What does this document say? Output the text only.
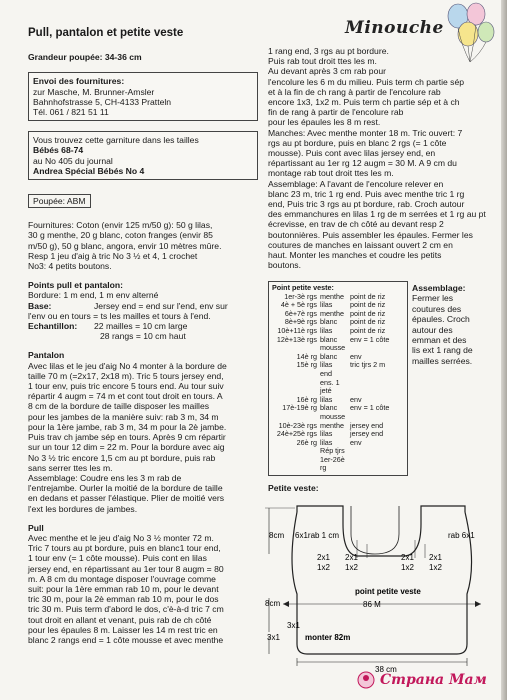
Minouche
Pull, pantalon et petite veste

Grandeur poupée: 34-36 cm

Envoi des fournitures:

zur Masche, M. Brunner-Amsler

Bahnhofstrasse 5, CH-4133 Pratteln

Tél. 061 / 821 51 11

Vous trouvez cette garniture dans les tailles

Bébés 68-74

au No 405 du journal

Andrea Spécial Bébés No 4

Poupée: ABM

Fournitures: Coton (envir 125 m/50 g): 50 g lilas,

30 g menthe, 20 g blanc, coton franges (envir 85

m/50 g), 50 g blanc, angora, envir 10 mètres mûre.

Resp 1 jeu d'aig à tric No 3 ½ et 4, 1 crochet

No3: 4 petits boutons.

Points pull et pantalon:

Bordure: 1 m end, 1 m env alterné

Base:	Jersey end = end sur l'end, env sur

l'env ou en tours = ts les mailles et tours à l'end.

Echantillon:	22 mailles = 10 cm large

28 rangs = 10 cm haut

Pantalon

Avec lilas et le jeu d'aig No 4 monter à la bordure de

taille 70 m (=2x17, 2x18 m). Tric 5 tours jersey end,

1 tour env, puis tric encore 5 tours end. Au tour suiv

répartir 4 augm = 74 m et cont tout droit en tours. A

8 cm de la bordure de taille disposer les mailles

pour les jambes de la manière suiv: rab 3 m, 34 m

pour la 1ère jambe, rab 3 m, 34 m pour la 2è jambe.

Puis trav ch jambe sép en tours. Après 9 cm répartir

sur un tour 12 dim = 22 m. Pour la bordure avec aig

No 3 ½ tric encore 1,5 cm au pt bordure, puis rab

sans serrer ttes les m.

Assemblage: Coudre ens les 3 m rab de

l'entrejambe. Ourler la moitié de la bordure de taille

en dedans et passer l'élastique. Plier de moitié vers

l'ext les bordures de jambes.

Pull

Avec menthe et le jeu d'aig No 3 ½ monter 72 m.

Tric 7 tours au pt bordure, puis en blanc1 tour end,

1 tour env (= 1 côte mousse). Puis cont en lilas

jersey end, en répartissant au 1er tour 8 augm = 80

m. A 8 cm du montage disposer l'ouvrage comme

suit: pour la 1ère emman rab 10 m, pour le devant

tric 30 m, pour la 2è emman rab 10 m, pour le dos

tric 30 m. Puis term d'abord le dos, c'è-à-d tric 7 cm

tout droit en allant et venant, puis rab de ch côté

pour les épaules 8 m. Laisser les 14 m rest tric en

blanc 2 rangs end = 1 côte mousse et avec menthe

1 rang end, 3 rgs au pt bordure.

Puis rab tout droit ttes les m.

Au devant après 3 cm rab pour

l'encolure les 6 m du milieu. Puis term ch partie sép

et à la fin de ch rang à partir de l'encolure rab

encore 1x3, 1x2 m. Puis term ch partie sép et à ch

fin de rang à partir de l'encolure rab

pour les épaules les 8 m rest.

Manches: Avec menthe monter 18 m. Tric ouvert: 7

rgs au pt bordure, puis en blanc 2 rgs (= 1 côte

mousse). Puis cont avec lilas jersey end, en

répartissant au 1er rg 12 augm = 30 M. A 9 cm du

montage rab tout droit ttes les m.

Assemblage: A l'avant de l'encolure relever en

blanc 23 m, tric 1 rg end. Puis avec menthe tric 1 rg

end, Puis tric 3 rgs au pt bordure, rab. Croch autour

des emmanchures en lilas 1 rg de m serrées et 1 rg au pt

écrevisse, en trav de ch côté au devant resp 2

boutonnières. Puis assembler les épaules. Fermer les

coutures de manches en laissant ouvert 2 cm en

haut. Monter les manches et coudre les petits

boutons.

Point petite veste:

1er-3è rgs menthe point de riz
4è + 5è rgs lilas	point de riz
6è+7è rgs menthe point de riz
8è+9è rgs blanc	point de riz
10è+11è rgs lilas	point de riz
12è+13è rgs blanc	env = 1 côte
mousse
14è rg blanc	env
15è rg lilas	tric tjrs 2 m
end
ens. 1 jeté
16è rg lilas	env
17è-19è rg blanc	env = 1 côte
mousse
10è-23è rgs menthe jersey end
24è+25è rgs lilas	jersey end
26è rg lilas	env
Rép tjrs 1er-26è rg

Assemblage:

Fermer les

coutures des

épaules. Croch

autour des

emman et des

lis ext 1 rang de

mailles serrées.

Petite veste:
8cm 6x1rab 1 cm	rab 6x1
2x1
1x2
2x1
1x2
2x1
1x2
2x1
1x2
point petite veste
86 M
8cm
3x1
3x1	monter 82m
38 cm
Страна Мам
